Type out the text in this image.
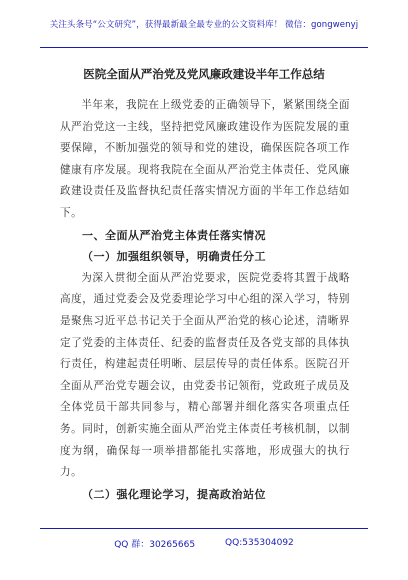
关注头条号“公文研究”，获得最新最全最专业的公文资料库！ 微信：gongwenyj
医院全面从严治党及党风廉政建设半年工作总结

半年来，我院在上级党委的正确领导下，紧紧围绕全面从严治党这一主线，坚持把党风廉政建设作为医院发展的重要保障，不断加强党的领导和党的建设，确保医院各项工作健康有序发展。现将我院在全面从严治党主体责任、党风廉政建设责任及监督执纪责任落实情况方面的半年工作总结如下。

一、全面从严治党主体责任落实情况

（一）加强组织领导，明确责任分工

为深入贯彻全面从严治党要求，医院党委将其置于战略高度，通过党委会及党委理论学习中心组的深入学习，特别是聚焦习近平总书记关于全面从严治党的核心论述，清晰界定了党委的主体责任、纪委的监督责任及各党支部的具体执行责任，构建起责任明晰、层层传导的责任体系。医院召开全面从严治党专题会议，由党委书记领衔，党政班子成员及全体党员干部共同参与，精心部署并细化落实各项重点任务。同时，创新实施全面从严治党主体责任考核机制，以制度为纲，确保每一项举措都能扎实落地，形成强大的执行力。

（二）强化理论学习，提高政治站位

QQ 群：30265665	QQ:535304092
